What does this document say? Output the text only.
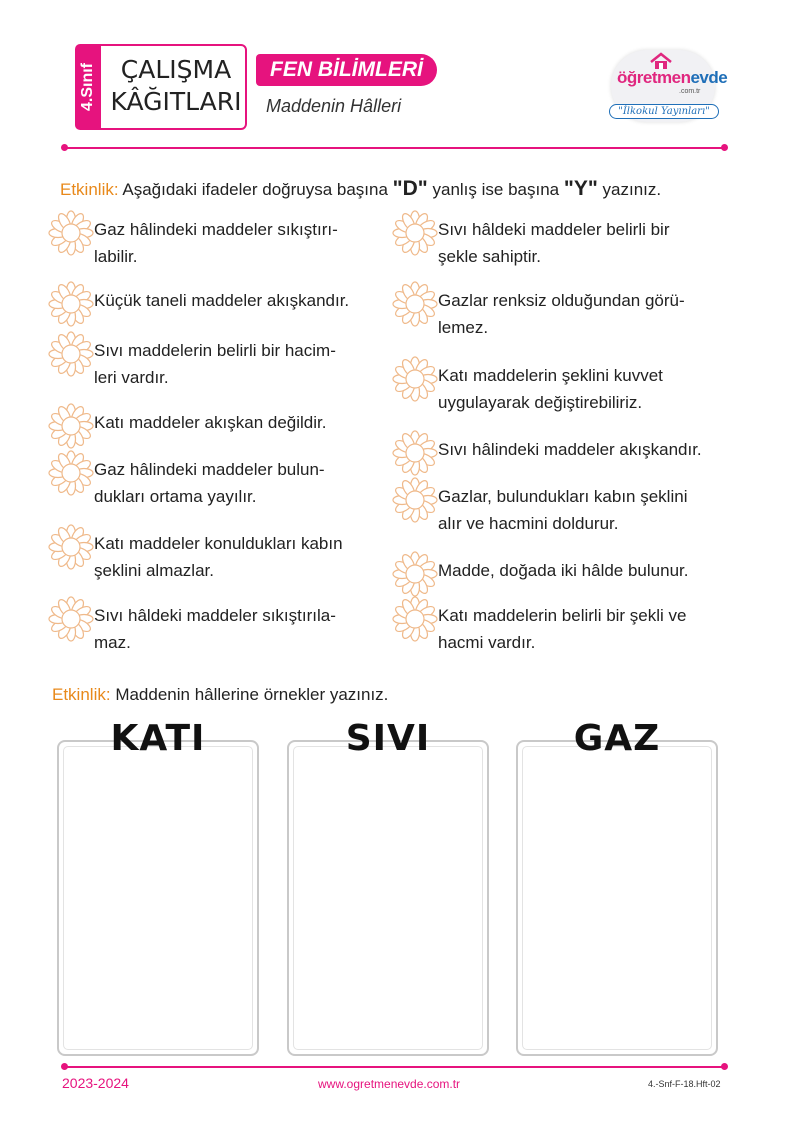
4.Sınıf ÇALIŞMA
KÂĞITLARI
FEN BİLİMLERİ
Maddenin Hâlleri
öğretmenevde
.com.tr
"İlkokul Yayınları"
Etkinlik: Aşağıdaki ifadeler doğruysa başına "D" yanlış ise başına "Y" yazınız.
Gaz hâlindeki maddeler sıkıştırı-
labilir.
Küçük taneli maddeler akışkandır.
Sıvı maddelerin belirli bir hacim-
leri vardır.
Katı maddeler akışkan değildir.
Gaz hâlindeki maddeler bulun-
dukları ortama yayılır.
Katı maddeler konuldukları kabın
şeklini almazlar.
Sıvı hâldeki maddeler sıkıştırıla-
maz.
Sıvı hâldeki maddeler belirli bir
şekle sahiptir.
Gazlar renksiz olduğundan görü-
lemez.
Katı maddelerin şeklini kuvvet
uygulayarak değiştirebiliriz.
Sıvı hâlindeki maddeler akışkandır.
Gazlar, bulundukları kabın şeklini
alır ve hacmini doldurur.
Madde, doğada iki hâlde bulunur.
Katı maddelerin belirli bir şekli ve
hacmi vardır.
Etkinlik: Maddenin hâllerine örnekler yazınız.
KATI	SIVI	GAZ
2023-2024	www.ogretmenevde.com.tr	4.-Snf-F-18.Hft-02
